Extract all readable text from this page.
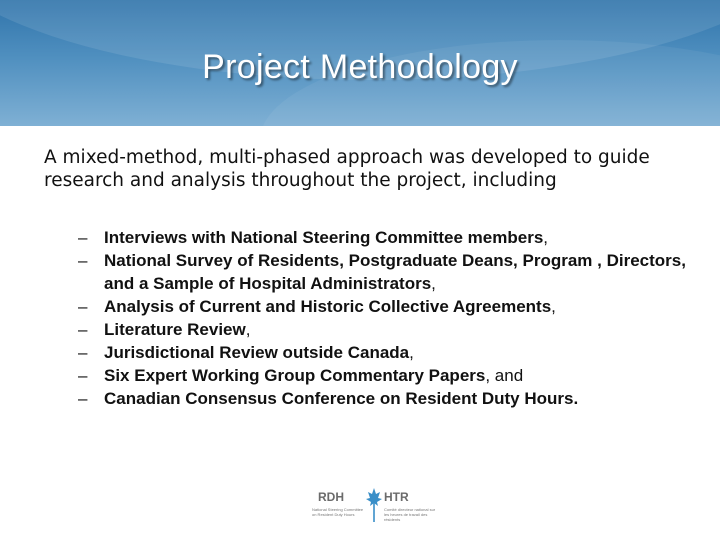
Project Methodology
A mixed-method, multi-phased approach was developed to guide research and analysis throughout the project, including
– Interviews with National Steering Committee members,
– National Survey of Residents, Postgraduate Deans, Program , Directors, and a Sample of Hospital Administrators,
– Analysis of Current and Historic Collective Agreements,
– Literature Review,
– Jurisdictional Review outside Canada,
– Six Expert Working Group Commentary Papers, and
– Canadian Consensus Conference on Resident Duty Hours.
RDH	HTR
National Steering Committee on Resident Duty Hours
Comité directeur national sur les heures de travail des résidents
